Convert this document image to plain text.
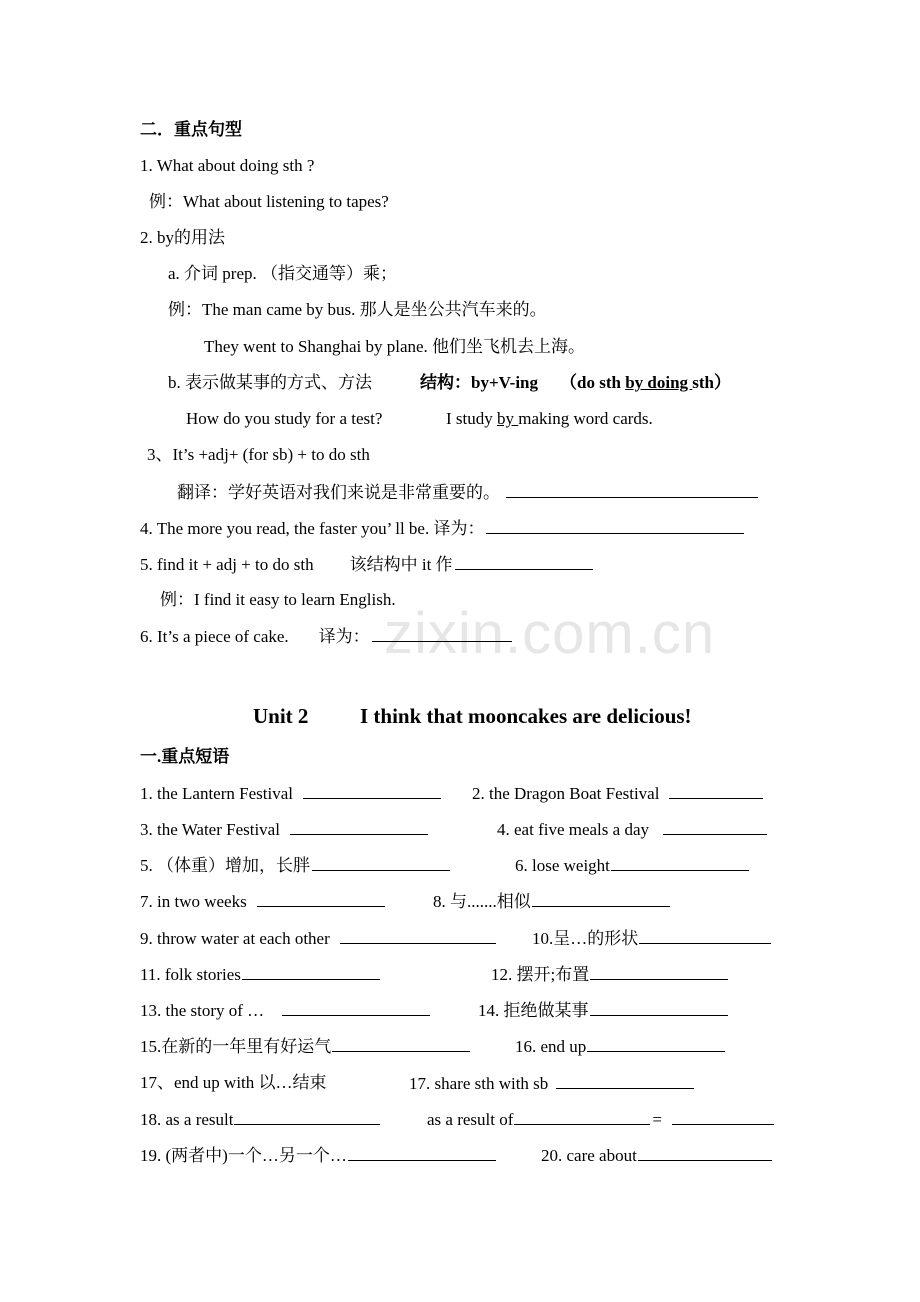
zixin.com.cn
二．重点句型
1. What about doing sth ?
例：What about listening to tapes?
2. by的用法
a. 介词 prep. （指交通等）乘；
例：The man came by bus. 那人是坐公共汽车来的。
They went to Shanghai by plane. 他们坐飞机去上海。
b. 表示做某事的方式、方法	结构：by+V-ing （do sth by doing sth）
How do you study for a test?	I study by making word cards.
3、It’s +adj+ (for sb) + to do sth
翻译：学好英语对我们来说是非常重要的。
4. The more you read, the faster you’ ll be. 译为：
5. find it + adj + to do sth 该结构中 it 作
例：I find it easy to learn English.
6. It’s a piece of cake. 译为：
Unit 2 I think that mooncakes are delicious!
一.重点短语
1. the Lantern Festival	2. the Dragon Boat Festival
3. the Water Festival	4. eat five meals a day
5. （体重）增加，长胖	6. lose weight
7. in two weeks	8. 与.......相似
9. throw water at each other	10.呈…的形状
11. folk stories	12. 摆开;布置
13. the story of …	14. 拒绝做某事
15.在新的一年里有好运气	16. end up
17、end up with 以…结束	17. share sth with sb
18. as a result	as a result of	=
19. (两者中)一个…另一个…	20. care about
